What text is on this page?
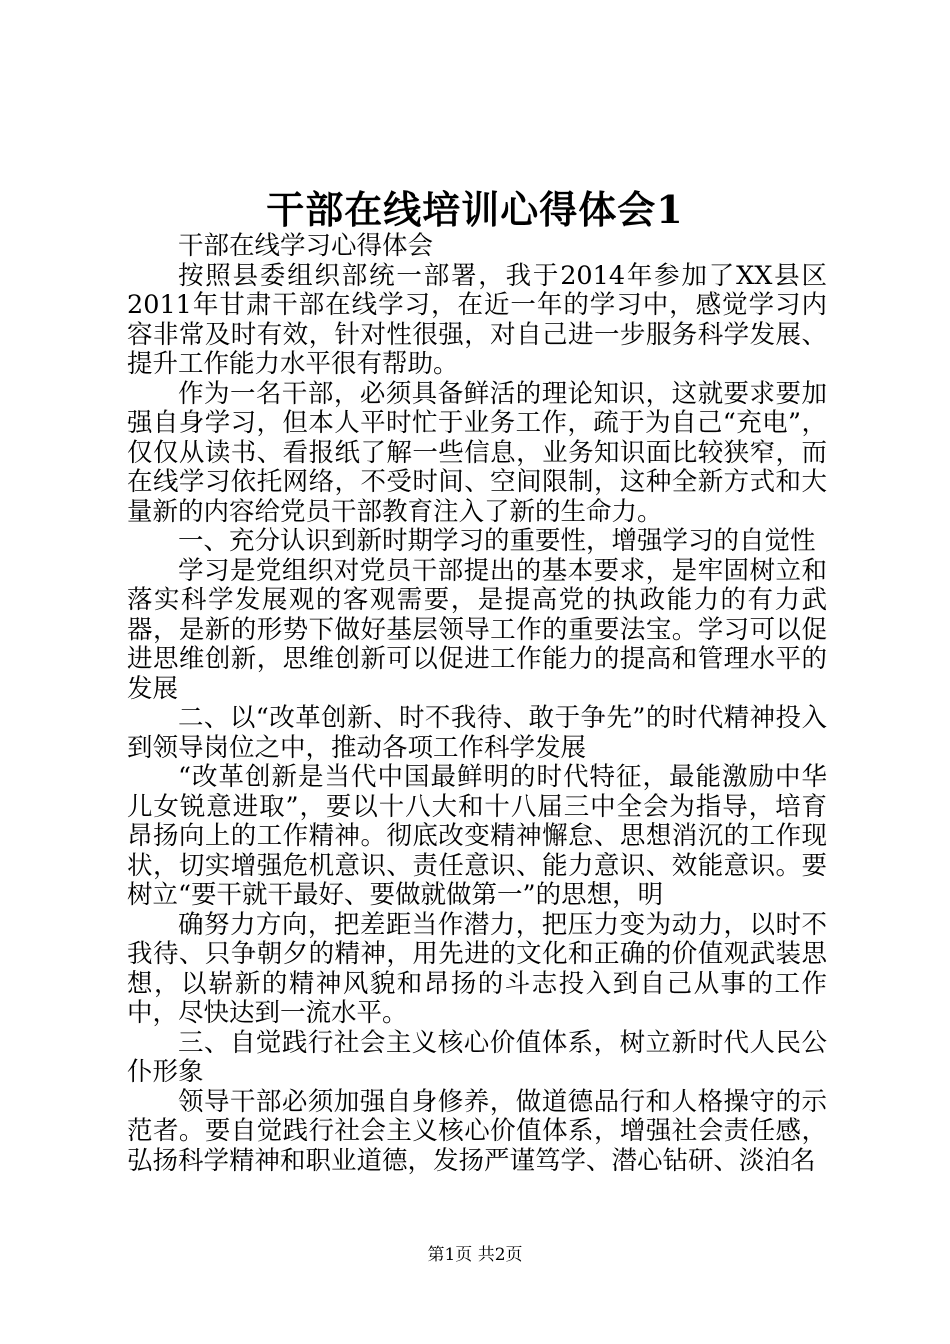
干部在线培训心得体会1

干部在线学习心得体会

按照县委组织部统一部署，我于2014年参加了XX县区2011年甘肃干部在线学习，在近一年的学习中，感觉学习内容非常及时有效，针对性很强，对自己进一步服务科学发展、提升工作能力水平很有帮助。

作为一名干部，必须具备鲜活的理论知识，这就要求要加强自身学习，但本人平时忙于业务工作，疏于为自己“充电”，仅仅从读书、看报纸了解一些信息，业务知识面比较狭窄，而在线学习依托网络，不受时间、空间限制，这种全新方式和大量新的内容给党员干部教育注入了新的生命力。

一、充分认识到新时期学习的重要性，增强学习的自觉性

学习是党组织对党员干部提出的基本要求，是牢固树立和落实科学发展观的客观需要，是提高党的执政能力的有力武器，是新的形势下做好基层领导工作的重要法宝。学习可以促进思维创新，思维创新可以促进工作能力的提高和管理水平的发展

二、以“改革创新、时不我待、敢于争先”的时代精神投入到领导岗位之中，推动各项工作科学发展

“改革创新是当代中国最鲜明的时代特征，最能激励中华儿女锐意进取”，要以十八大和十八届三中全会为指导，培育昂扬向上的工作精神。彻底改变精神懈怠、思想消沉的工作现状，切实增强危机意识、责任意识、能力意识、效能意识。要树立“要干就干最好、要做就做第一”的思想，明

确努力方向，把差距当作潜力，把压力变为动力，以时不我待、只争朝夕的精神，用先进的文化和正确的价值观武装思想，以崭新的精神风貌和昂扬的斗志投入到自己从事的工作中，尽快达到一流水平。

三、自觉践行社会主义核心价值体系，树立新时代人民公仆形象

领导干部必须加强自身修养，做道德品行和人格操守的示范者。要自觉践行社会主义核心价值体系，增强社会责任感，弘扬科学精神和职业道德，发扬严谨笃学、潜心钻研、淡泊名

第1页 共2页
